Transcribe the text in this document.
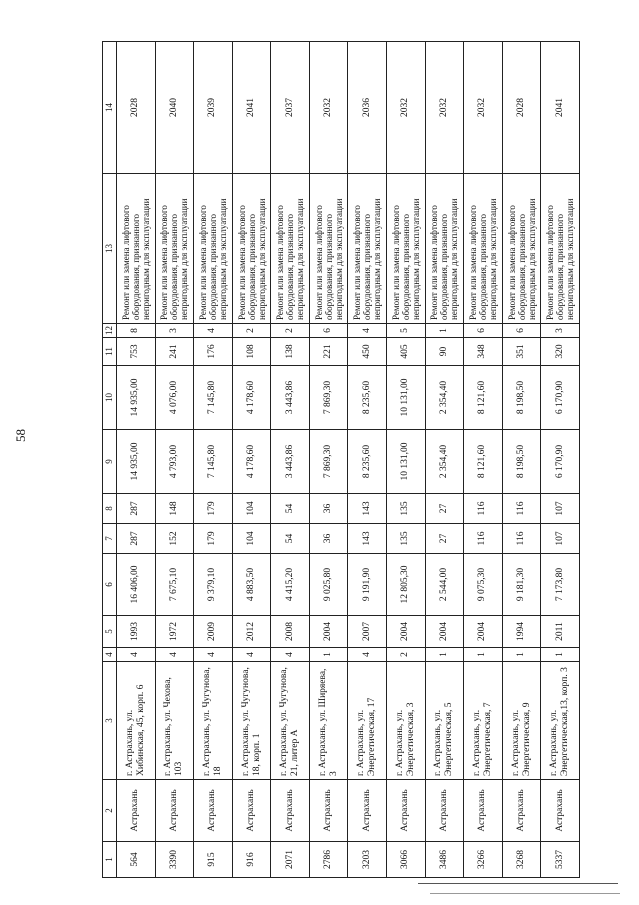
58
1	2	3	4	5	6	7	8	9	10	11	12	13	14
564	Астрахань	г. Астрахань, ул. Хибинская, 45, корп. 6	4	1993	16 406,00	287	287	14 935,00	14 935,00	753	8	Ремонт или замена лифтового оборудования, признанного непригодным для эксплуатации	2028
3390	Астрахань	г. Астрахань, ул. Чехова, 103	4	1972	7 675,10	152	148	4 793,00	4 076,00	241	3	Ремонт или замена лифтового оборудования, признанного непригодным для эксплуатации	2040
915	Астрахань	г. Астрахань, ул. Чугунова, 18	4	2009	9 379,10	179	179	7 145,80	7 145,80	176	4	Ремонт или замена лифтового оборудования, признанного непригодным для эксплуатации	2039
916	Астрахань	г. Астрахань, ул. Чугунова, 18, корп. 1	4	2012	4 883,50	104	104	4 178,60	4 178,60	108	2	Ремонт или замена лифтового оборудования, признанного непригодным для эксплуатации	2041
2071	Астрахань	г. Астрахань, ул. Чугунова, 21, литер А	4	2008	4 415,20	54	54	3 443,86	3 443,86	138	2	Ремонт или замена лифтового оборудования, признанного непригодным для эксплуатации	2037
2786	Астрахань	г. Астрахань, ул. Ширяева, 3	1	2004	9 025,80	36	36	7 869,30	7 869,30	221	6	Ремонт или замена лифтового оборудования, признанного непригодным для эксплуатации	2032
3203	Астрахань	г. Астрахань, ул. Энергетическая, 17	4	2007	9 191,90	143	143	8 235,60	8 235,60	450	4	Ремонт или замена лифтового оборудования, признанного непригодным для эксплуатации	2036
3066	Астрахань	г. Астрахань, ул. Энергетическая, 3	2	2004	12 805,30	135	135	10 131,00	10 131,00	405	5	Ремонт или замена лифтового оборудования, признанного непригодным для эксплуатации	2032
3486	Астрахань	г. Астрахань, ул. Энергетическая, 5	1	2004	2 544,00	27	27	2 354,40	2 354,40	90	1	Ремонт или замена лифтового оборудования, признанного непригодным для эксплуатации	2032
3266	Астрахань	г. Астрахань, ул. Энергетическая, 7	1	2004	9 075,30	116	116	8 121,60	8 121,60	348	6	Ремонт или замена лифтового оборудования, признанного непригодным для эксплуатации	2032
3268	Астрахань	г. Астрахань, ул. Энергетическая, 9	1	1994	9 181,30	116	116	8 198,50	8 198,50	351	6	Ремонт или замена лифтового оборудования, признанного непригодным для эксплуатации	2028
5337	Астрахань	г. Астрахань, ул. Энергетическая,13, корп. 3	1	2011	7 173,80	107	107	6 170,90	6 170,90	320	3	Ремонт или замена лифтового оборудования, признанного непригодным для эксплуатации	2041
